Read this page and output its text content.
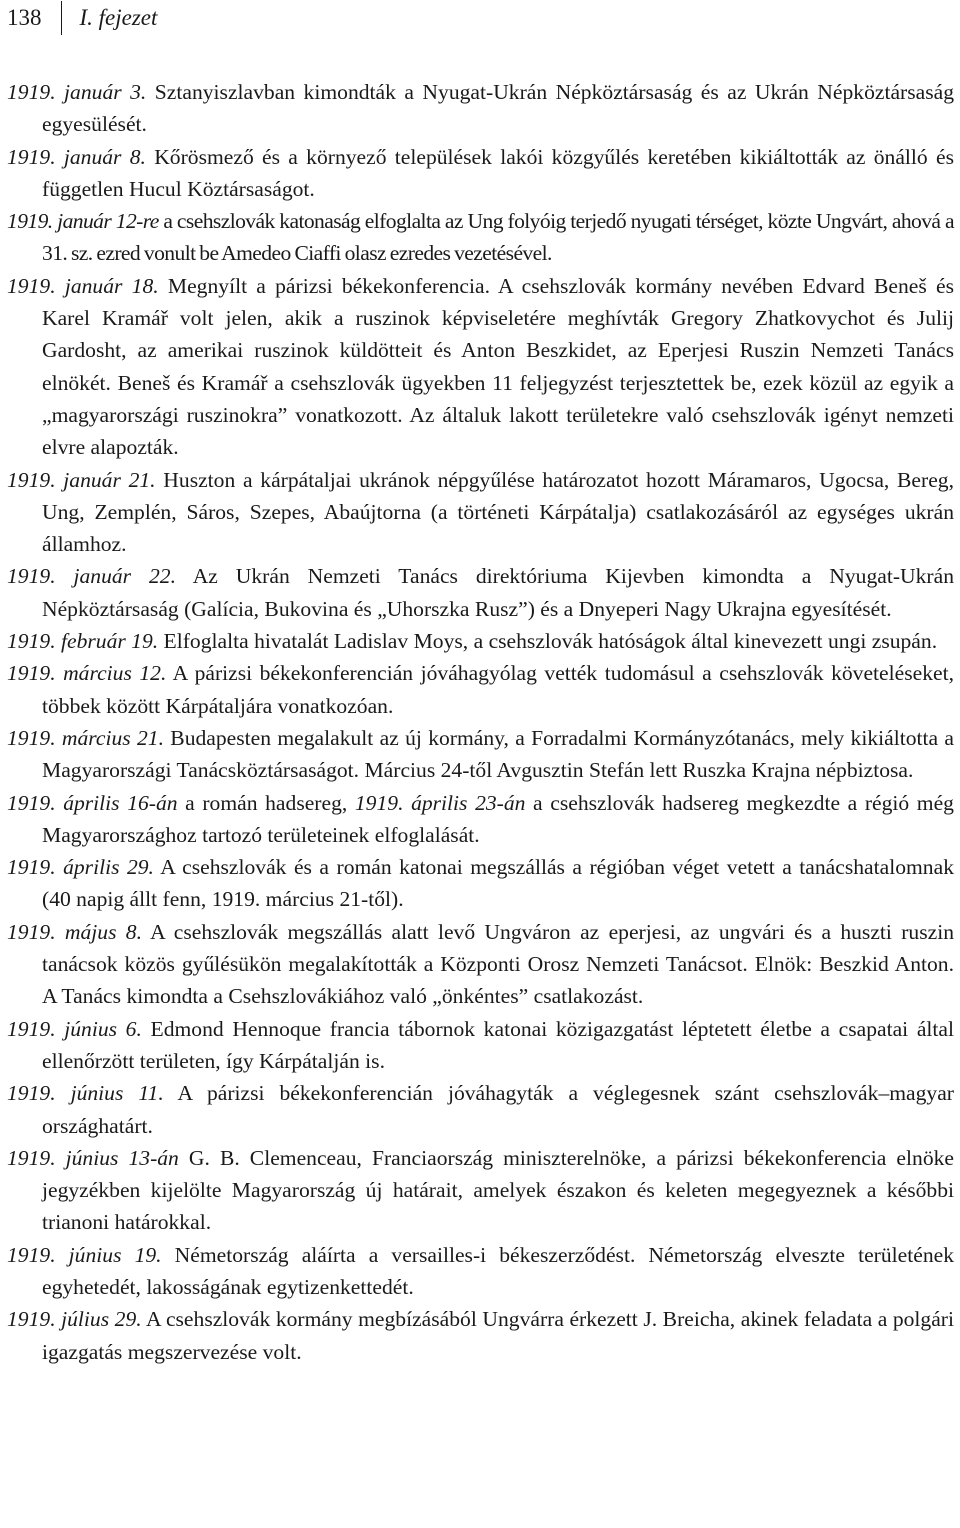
138 I. fejezet

1919. január 3. Sztanyiszlavban kimondták a Nyugat-Ukrán Népköztársaság és az Ukrán Népköztársaság egyesülését.

1919. január 8. Kőrösmező és a környező települések lakói közgyűlés keretében kikiáltották az önálló és független Hucul Köztársaságot.

1919. január 12-re a csehszlovák katonaság elfoglalta az Ung folyóig terjedő nyugati térséget, közte Ungvárt, ahová a 31. sz. ezred vonult be Amedeo Ciaffi olasz ezredes vezetésével.

1919. január 18. Megnyílt a párizsi békekonferencia. A csehszlovák kormány nevében Edvard Beneš és Karel Kramář volt jelen, akik a ruszinok képviseletére meghívták Gregory Zhatkovychot és Julij Gardosht, az amerikai ruszinok küldötteit és Anton Beszkidet, az Eperjesi Ruszin Nemzeti Tanács elnökét. Beneš és Kramář a csehszlovák ügyekben 11 feljegyzést terjesztettek be, ezek közül az egyik a „magyarországi ruszinokra” vonatkozott. Az általuk lakott területekre való csehszlovák igényt nemzeti elvre alapozták.

1919. január 21. Huszton a kárpátaljai ukránok népgyűlése határozatot hozott Máramaros, Ugocsa, Bereg, Ung, Zemplén, Sáros, Szepes, Abaújtorna (a történeti Kárpátalja) csatlakozásáról az egységes ukrán államhoz.

1919. január 22. Az Ukrán Nemzeti Tanács direktóriuma Kijevben kimondta a Nyugat-Ukrán Népköztársaság (Galícia, Bukovina és „Uhorszka Rusz”) és a Dnyeperi Nagy Ukrajna egyesítését.

1919. február 19. Elfoglalta hivatalát Ladislav Moys, a csehszlovák hatóságok által kinevezett ungi zsupán.

1919. március 12. A párizsi békekonferencián jóváhagyólag vették tudomásul a csehszlovák követeléseket, többek között Kárpátaljára vonatkozóan.

1919. március 21. Budapesten megalakult az új kormány, a Forradalmi Kormányzótanács, mely kikiáltotta a Magyarországi Tanácsköztársaságot. Március 24-től Avgusztin Stefán lett Ruszka Krajna népbiztosa.

1919. április 16-án a román hadsereg, 1919. április 23-án a csehszlovák hadsereg megkezdte a régió még Magyarországhoz tartozó területeinek elfoglalását.

1919. április 29. A csehszlovák és a román katonai megszállás a régióban véget vetett a tanácshatalomnak (40 napig állt fenn, 1919. március 21-től).

1919. május 8. A csehszlovák megszállás alatt levő Ungváron az eperjesi, az ungvári és a huszti ruszin tanácsok közös gyűlésükön megalakították a Központi Orosz Nemzeti Tanácsot. Elnök: Beszkid Anton. A Tanács kimondta a Csehszlovákiához való „önkéntes” csatlakozást.

1919. június 6. Edmond Hennoque francia tábornok katonai közigazgatást léptetett életbe a csapatai által ellenőrzött területen, így Kárpátalján is.

1919. június 11. A párizsi békekonferencián jóváhagyták a véglegesnek szánt csehszlovák–magyar országhatárt.

1919. június 13-án G. B. Clemenceau, Franciaország miniszterelnöke, a párizsi békekonferencia elnöke jegyzékben kijelölte Magyarország új határait, amelyek északon és keleten megegyeznek a későbbi trianoni határokkal.

1919. június 19. Németország aláírta a versailles-i békeszerződést. Németország elveszte területének egyhetedét, lakosságának egytizenkettedét.

1919. július 29. A csehszlovák kormány megbízásából Ungvárra érkezett J. Breicha, akinek feladata a polgári igazgatás megszervezése volt.
